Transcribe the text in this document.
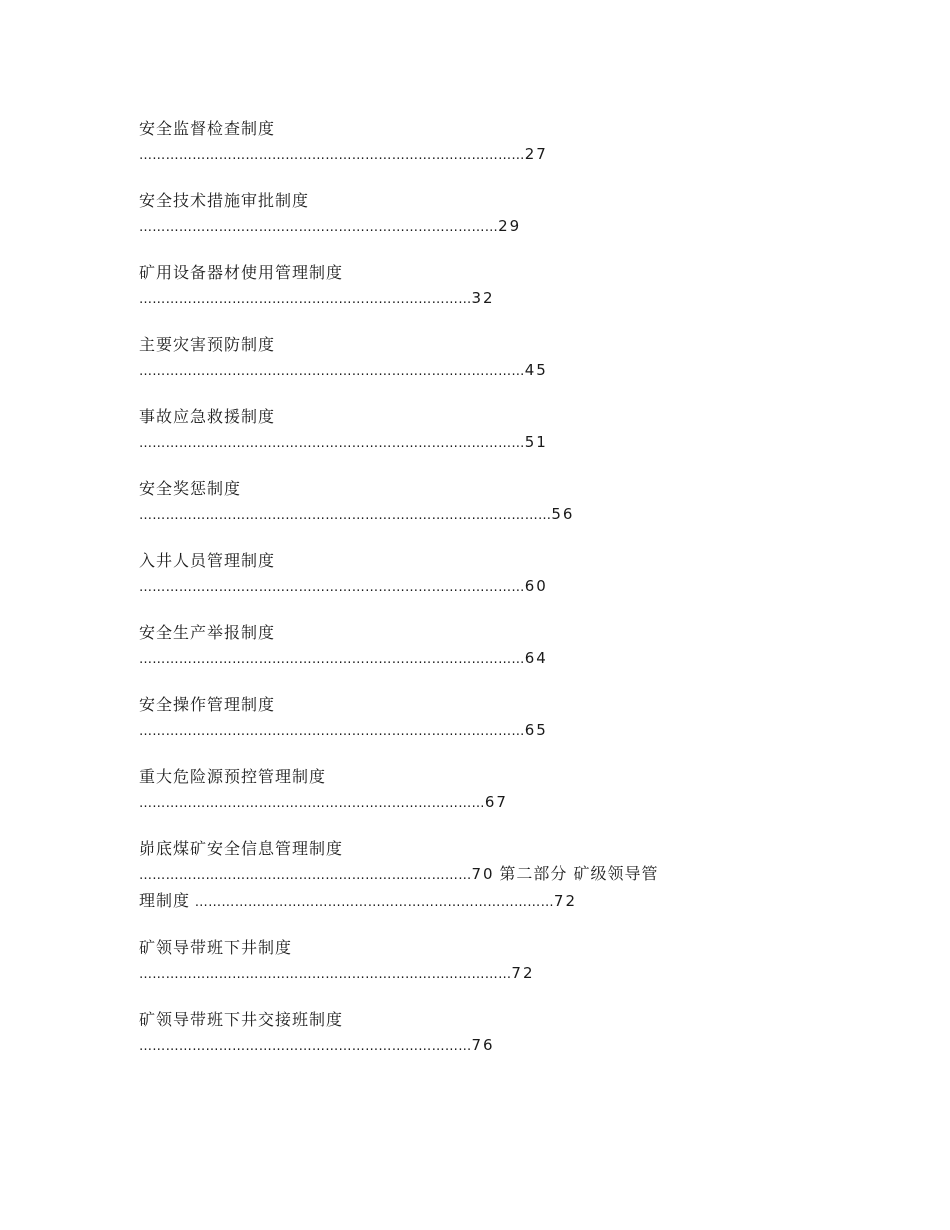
安全监督检查制度
……………………………………………………………………………27
安全技术措施审批制度
………………………………………………………………………29
矿用设备器材使用管理制度
…………………………………………………………………32
主要灾害预防制度
……………………………………………………………………………45
事故应急救援制度
……………………………………………………………………………51
安全奖惩制度
…………………………………………………………………………………56
入井人员管理制度
……………………………………………………………………………60
安全生产举报制度
……………………………………………………………………………64
安全操作管理制度
……………………………………………………………………………65
重大危险源预控管理制度
……………………………………………………………………67
峁底煤矿安全信息管理制度
…………………………………………………………………70 第二部分 矿级领导管
理制度 ………………………………………………………………………72
矿领导带班下井制度
…………………………………………………………………………72
矿领导带班下井交接班制度
…………………………………………………………………76
